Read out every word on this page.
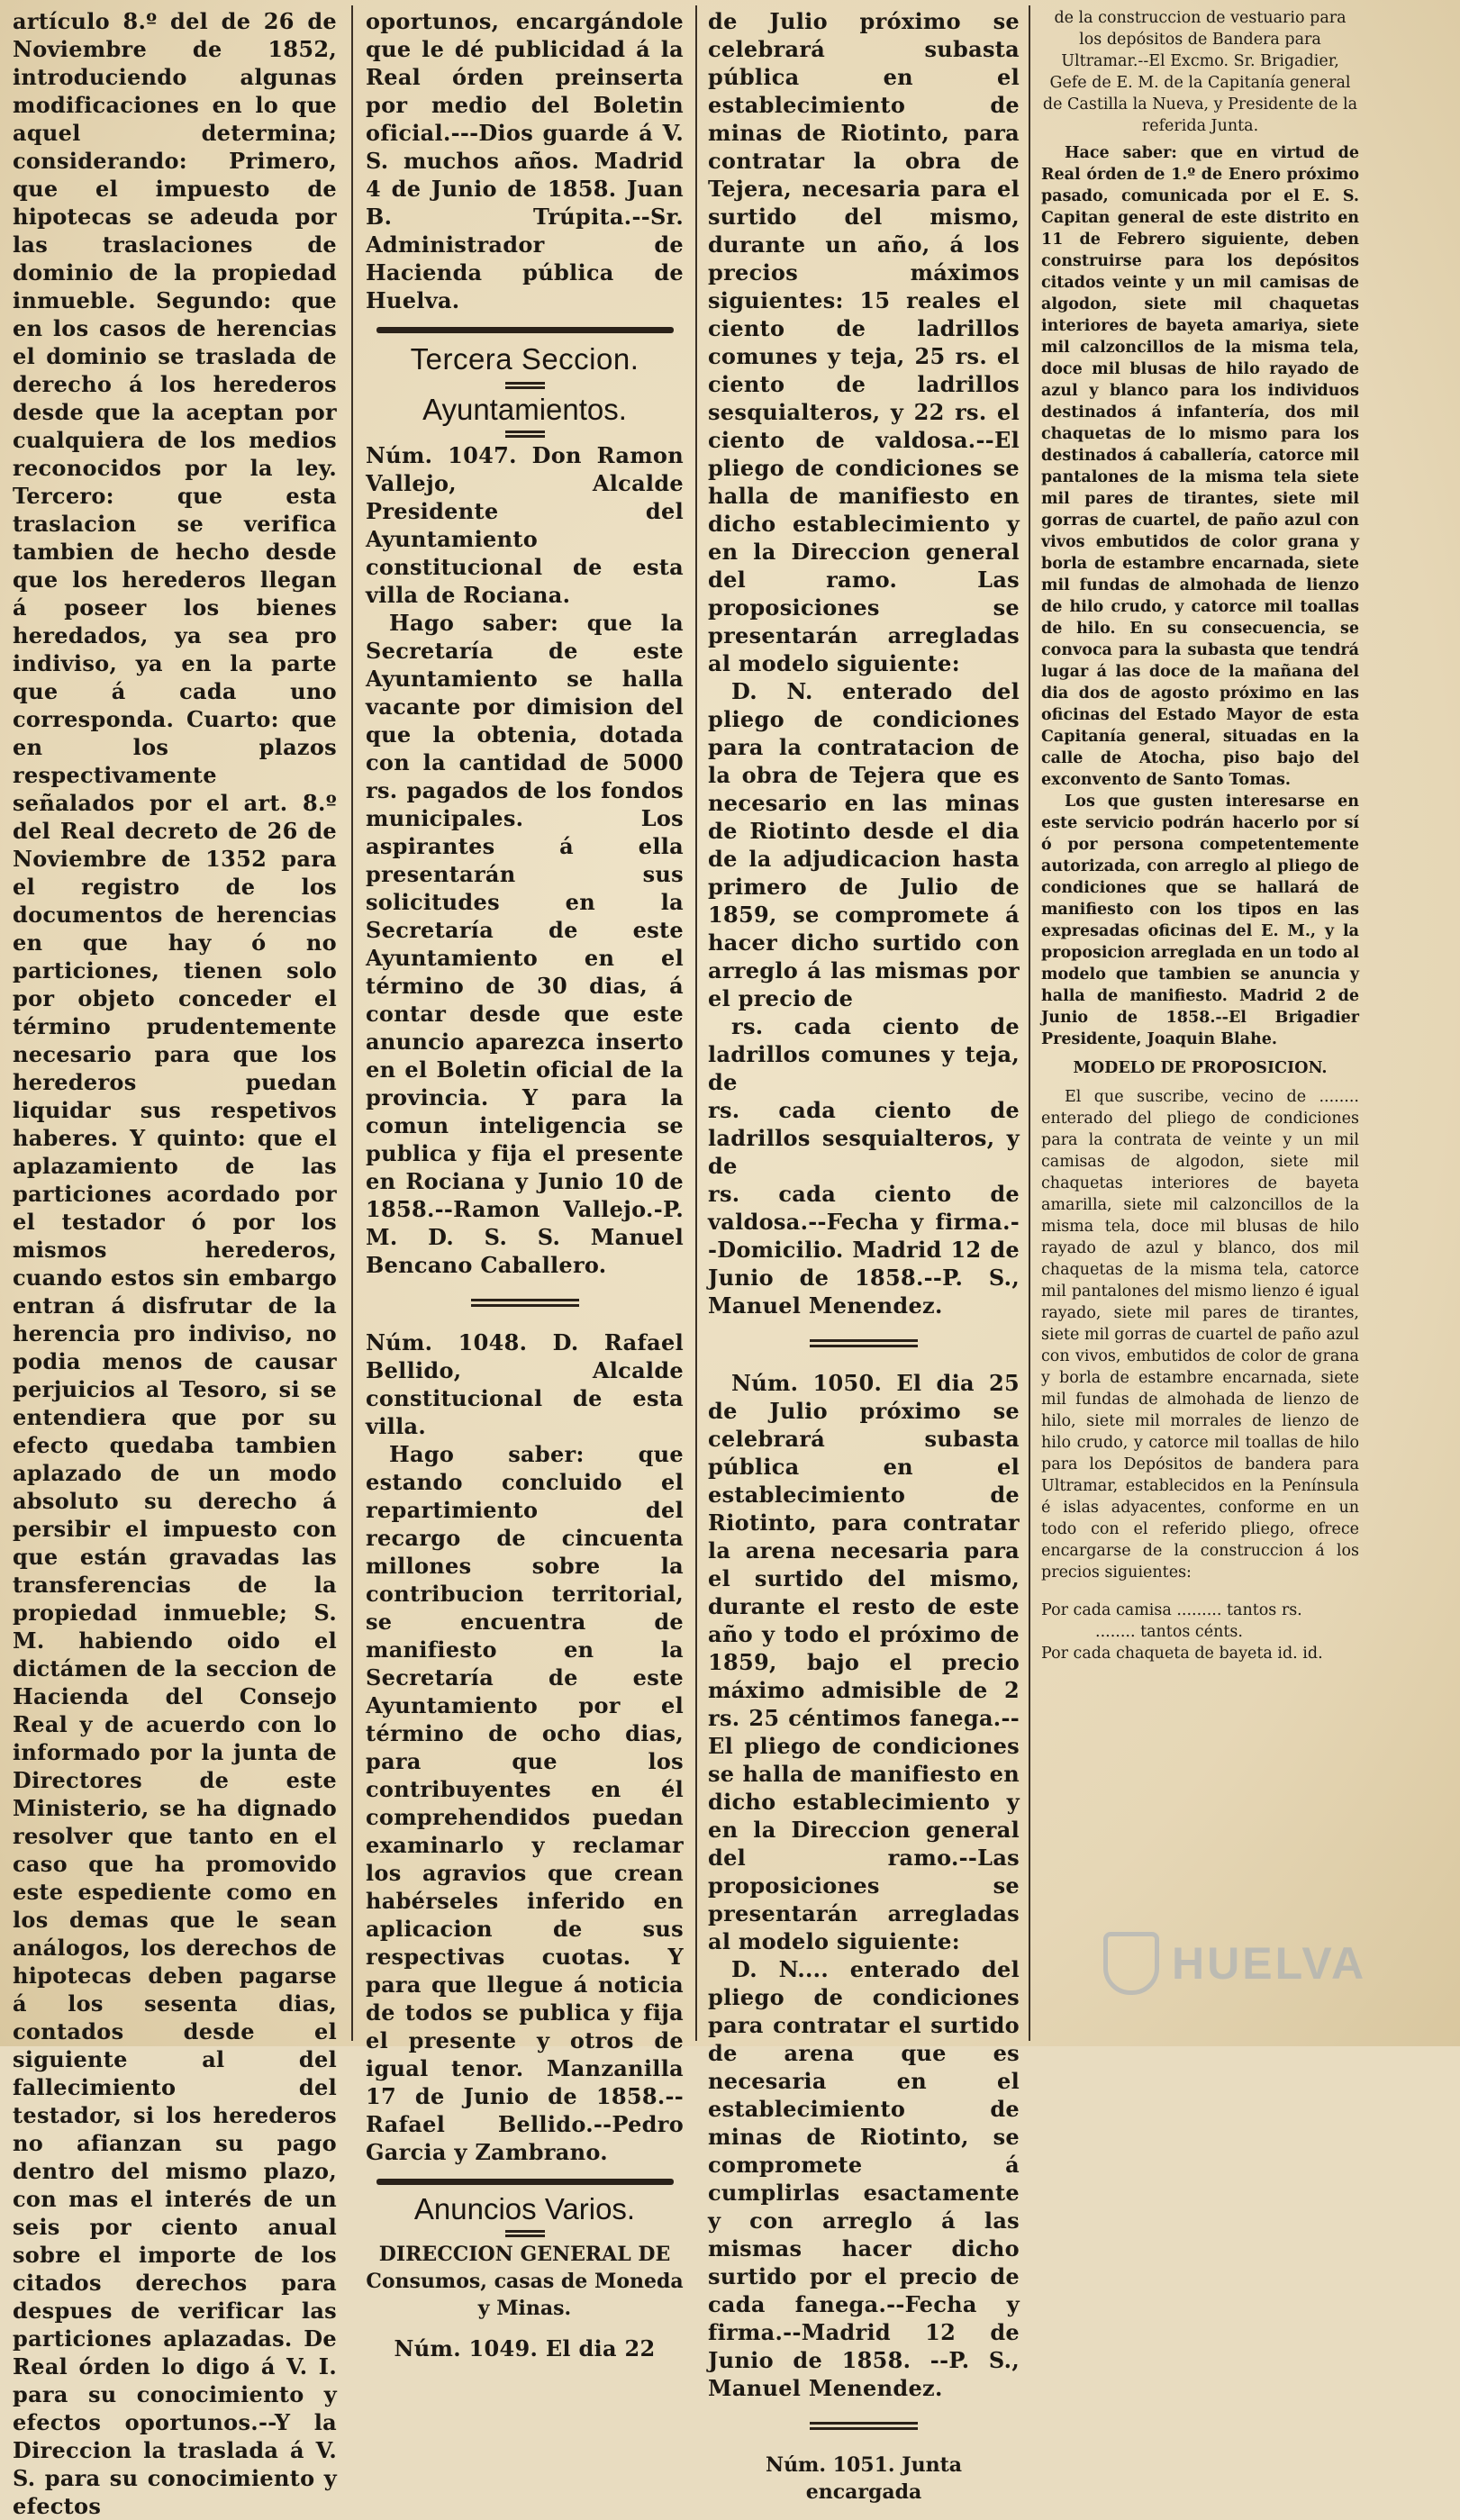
artículo 8.º del de 26 de Noviembre de 1852, introduciendo algunas modificaciones en lo que aquel determina; considerando: Primero, que el impuesto de hipotecas se adeuda por las traslaciones de dominio de la propiedad inmueble. Segundo: que en los casos de herencias el dominio se traslada de derecho á los herederos desde que la aceptan por cualquiera de los medios reconocidos por la ley. Tercero: que esta traslacion se verifica tambien de hecho desde que los herederos llegan á poseer los bienes heredados, ya sea pro indiviso, ya en la parte que á cada uno corresponda. Cuarto: que en los plazos respectivamente señalados por el art. 8.º del Real decreto de 26 de Noviembre de 1352 para el registro de los documentos de herencias en que hay ó no particiones, tienen solo por objeto conceder el término prudentemente necesario para que los herederos puedan liquidar sus respetivos haberes. Y quinto: que el aplazamiento de las particiones acordado por el testador ó por los mismos herederos, cuando estos sin embargo entran á disfrutar de la herencia pro indiviso, no podia menos de causar perjuicios al Tesoro, si se entendiera que por su efecto quedaba tambien aplazado de un modo absoluto su derecho á persibir el impuesto con que están gravadas las transferencias de la propiedad inmueble; S. M. habiendo oido el dictámen de la seccion de Hacienda del Consejo Real y de acuerdo con lo informado por la junta de Directores de este Ministerio, se ha dignado resolver que tanto en el caso que ha promovido este espediente como en los demas que le sean análogos, los derechos de hipotecas deben pagarse á los sesenta dias, contados desde el siguiente al del fallecimiento del testador, si los herederos no afianzan su pago dentro del mismo plazo, con mas el interés de un seis por ciento anual sobre el importe de los citados derechos para despues de verificar las particiones aplazadas. De Real órden lo digo á V. I. para su conocimiento y efectos oportunos.--Y la Direccion la traslada á V. S. para su conocimiento y efectos

oportunos, encargándole que le dé publicidad á la Real órden preinserta por medio del Boletin oficial.---Dios guarde á V. S. muchos años. Madrid 4 de Junio de 1858. Juan B. Trúpita.--Sr. Administrador de Hacienda pública de Huelva.

Tercera Seccion.
Ayuntamientos.

Núm. 1047. Don Ramon Vallejo, Alcalde Presidente del Ayuntamiento constitucional de esta villa de Rociana.

Hago saber: que la Secretaría de este Ayuntamiento se halla vacante por dimision del que la obtenia, dotada con la cantidad de 5000 rs. pagados de los fondos municipales. Los aspirantes á ella presentarán sus solicitudes en la Secretaría de este Ayuntamiento en el término de 30 dias, á contar desde que este anuncio aparezca inserto en el Boletin oficial de la provincia. Y para la comun inteligencia se publica y fija el presente en Rociana y Junio 10 de 1858.--Ramon Vallejo.-P. M. D. S. S. Manuel Bencano Caballero.

Núm. 1048. D. Rafael Bellido, Alcalde constitucional de esta villa.

Hago saber: que estando concluido el repartimiento del recargo de cincuenta millones sobre la contribucion territorial, se encuentra de manifiesto en la Secretaría de este Ayuntamiento por el término de ocho dias, para que los contribuyentes en él comprehendidos puedan examinarlo y reclamar los agravios que crean habérseles inferido en aplicacion de sus respectivas cuotas. Y para que llegue á noticia de todos se publica y fija el presente y otros de igual tenor. Manzanilla 17 de Junio de 1858.--Rafael Bellido.--Pedro Garcia y Zambrano.

Anuncios Varios.

DIRECCION GENERAL DE Consumos, casas de Moneda y Minas.

Núm. 1049. El dia 22

de Julio próximo se celebrará subasta pública en el establecimiento de minas de Riotinto, para contratar la obra de Tejera, necesaria para el surtido del mismo, durante un año, á los precios máximos siguientes: 15 reales el ciento de ladrillos comunes y teja, 25 rs. el ciento de ladrillos sesquialteros, y 22 rs. el ciento de valdosa.--El pliego de condiciones se halla de manifiesto en dicho establecimiento y en la Direccion general del ramo. Las proposiciones se presentarán arregladas al modelo siguiente:

D. N. enterado del pliego de condiciones para la contratacion de la obra de Tejera que es necesario en las minas de Riotinto desde el dia de la adjudicacion hasta primero de Julio de 1859, se compromete á hacer dicho surtido con arreglo á las mismas por el precio de

rs. cada ciento de ladrillos comunes y teja, de

rs. cada ciento de ladrillos sesquialteros, y de

rs. cada ciento de valdosa.--Fecha y firma.--Domicilio. Madrid 12 de Junio de 1858.--P. S., Manuel Menendez.

Núm. 1050. El dia 25 de Julio próximo se celebrará subasta pública en el establecimiento de Riotinto, para contratar la arena necesaria para el surtido del mismo, durante el resto de este año y todo el próximo de 1859, bajo el precio máximo admisible de 2 rs. 25 céntimos fanega.--El pliego de condiciones se halla de manifiesto en dicho establecimiento y en la Direccion general del ramo.--Las proposiciones se presentarán arregladas al modelo siguiente:

D. N.... enterado del pliego de condiciones para contratar el surtido de arena que es necesaria en el establecimiento de minas de Riotinto, se compromete á cumplirlas esactamente y con arreglo á las mismas hacer dicho surtido por el precio de cada fanega.--Fecha y firma.--Madrid 12 de Junio de 1858. --P. S., Manuel Menendez.

Núm. 1051. Junta encargada

de la construccion de vestuario para los depósitos de Bandera para Ultramar.--El Excmo. Sr. Brigadier, Gefe de E. M. de la Capitanía general de Castilla la Nueva, y Presidente de la referida Junta.

Hace saber: que en virtud de Real órden de 1.º de Enero próximo pasado, comunicada por el E. S. Capitan general de este distrito en 11 de Febrero siguiente, deben construirse para los depósitos citados veinte y un mil camisas de algodon, siete mil chaquetas interiores de bayeta amariya, siete mil calzoncillos de la misma tela, doce mil blusas de hilo rayado de azul y blanco para los individuos destinados á infantería, dos mil chaquetas de lo mismo para los destinados á caballería, catorce mil pantalones de la misma tela siete mil pares de tirantes, siete mil gorras de cuartel, de paño azul con vivos embutidos de color grana y borla de estambre encarnada, siete mil fundas de almohada de lienzo de hilo crudo, y catorce mil toallas de hilo. En su consecuencia, se convoca para la subasta que tendrá lugar á las doce de la mañana del dia dos de agosto próximo en las oficinas del Estado Mayor de esta Capitanía general, situadas en la calle de Atocha, piso bajo del exconvento de Santo Tomas.

Los que gusten interesarse en este servicio podrán hacerlo por sí ó por persona competentemente autorizada, con arreglo al pliego de condiciones que se hallará de manifiesto con los tipos en las expresadas oficinas del E. M., y la proposicion arreglada en un todo al modelo que tambien se anuncia y halla de manifiesto. Madrid 2 de Junio de 1858.--El Brigadier Presidente, Joaquin Blahe.

MODELO DE PROPOSICION.

El que suscribe, vecino de ........ enterado del pliego de condiciones para la contrata de veinte y un mil camisas de algodon, siete mil chaquetas interiores de bayeta amarilla, siete mil calzoncillos de la misma tela, doce mil blusas de hilo rayado de azul y blanco, dos mil chaquetas de la misma tela, catorce mil pantalones del mismo lienzo é igual rayado, siete mil pares de tirantes, siete mil gorras de cuartel de paño azul con vivos, embutidos de color de grana y borla de estambre encarnada, siete mil fundas de almohada de lienzo de hilo, siete mil morrales de lienzo de hilo crudo, y catorce mil toallas de hilo para los Depósitos de bandera para Ultramar, establecidos en la Península é islas adyacentes, conforme en un todo con el referido pliego, ofrece encargarse de la construccion á los precios siguientes:

Por cada camisa ......... tantos rs.

........ tantos cénts.

Por cada chaqueta de bayeta id. id.

HUELVA
